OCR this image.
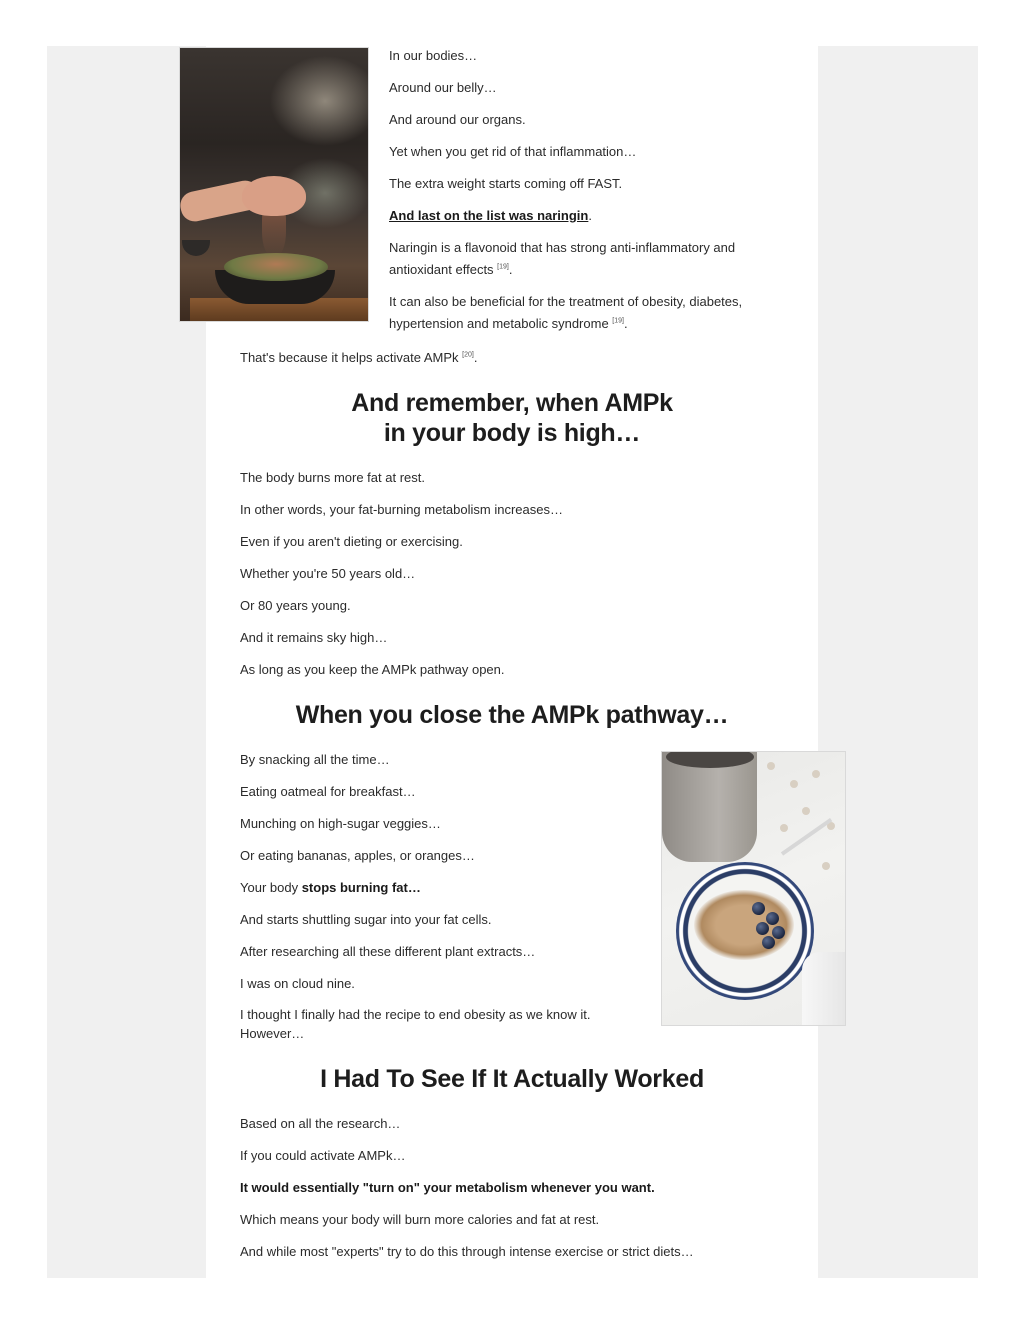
In our bodies…

Around our belly…

And around our organs.

Yet when you get rid of that inflammation…

The extra weight starts coming off FAST.

And last on the list was naringin.

Naringin is a flavonoid that has strong anti-inflammatory and antioxidant effects [19].

It can also be beneficial for the treatment of obesity, diabetes, hypertension and metabolic syndrome [19].

That's because it helps activate AMPk [20].

And remember, when AMPk
in your body is high…

The body burns more fat at rest.

In other words, your fat-burning metabolism increases…

Even if you aren't dieting or exercising.

Whether you're 50 years old…

Or 80 years young.

And it remains sky high…

As long as you keep the AMPk pathway open.

When you close the AMPk pathway…

By snacking all the time…

Eating oatmeal for breakfast…

Munching on high-sugar veggies…

Or eating bananas, apples, or oranges…

Your body stops burning fat…

And starts shuttling sugar into your fat cells.

After researching all these different plant extracts…

I was on cloud nine.

I thought I finally had the recipe to end obesity as we know it.
However…

I Had To See If It Actually Worked

Based on all the research…

If you could activate AMPk…

It would essentially "turn on" your metabolism whenever you want.

Which means your body will burn more calories and fat at rest.

And while most "experts" try to do this through intense exercise or strict diets…
